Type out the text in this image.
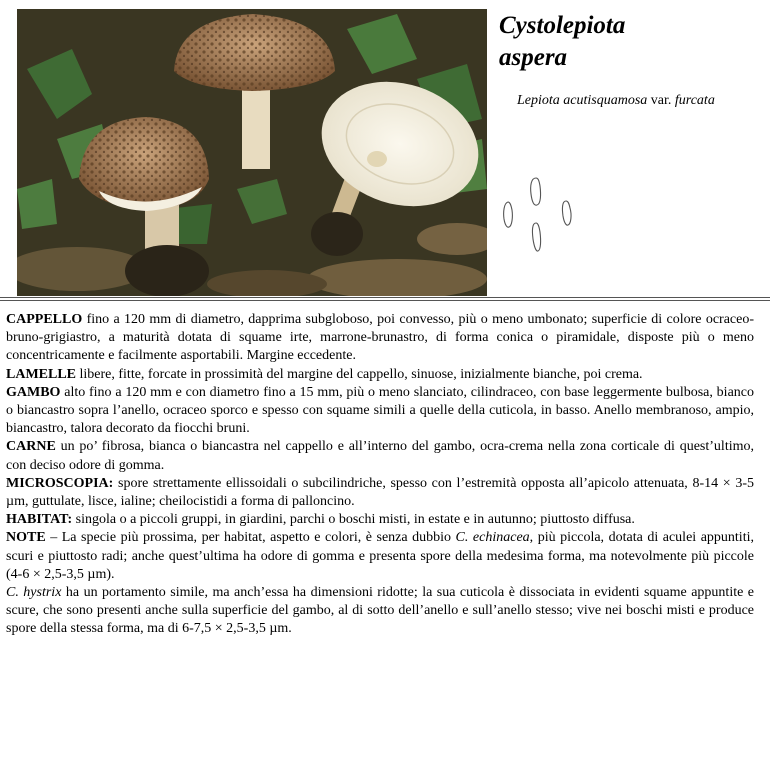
Cystolepiota
aspera
Lepiota acutisquamosa var. furcata

CAPPELLO fino a 120 mm di diametro, dapprima subgloboso, poi convesso, più o meno umbonato; superficie di colore ocraceo-bruno-grigiastro, a maturità dotata di squame irte, marrone-brunastro, di forma conica o piramidale, disposte più o meno concentricamente e facilmente asportabili. Margine eccedente.

LAMELLE libere, fitte, forcate in prossimità del margine del cappello, sinuose, inizialmente bianche, poi crema.

GAMBO alto fino a 120 mm e con diametro fino a 15 mm, più o meno slanciato, cilindraceo, con base leggermente bulbosa, bianco o biancastro sopra l’anello, ocraceo sporco e spesso con squame simili a quelle della cuticola, in basso. Anello membranoso, ampio, biancastro, talora decorato da fiocchi bruni.

CARNE un po’ fibrosa, bianca o biancastra nel cappello e all’interno del gambo, ocra-crema nella zona corticale di quest’ultimo, con deciso odore di gomma.

MICROSCOPIA: spore strettamente ellissoidali o subcilindriche, spesso con l’estremità opposta all’apicolo attenuata, 8-14 × 3-5 µm, guttulate, lisce, ialine; cheilocistidi a forma di palloncino.

HABITAT: singola o a piccoli gruppi, in giardini, parchi o boschi misti, in estate e in autunno; piuttosto diffusa.

NOTE – La specie più prossima, per habitat, aspetto e colori, è senza dubbio C. echinacea, più piccola, dotata di aculei appuntiti, scuri e piuttosto radi; anche quest’ultima ha odore di gomma e presenta spore della medesima forma, ma notevolmente più piccole (4-6 × 2,5-3,5 µm).

C. hystrix ha un portamento simile, ma anch’essa ha dimensioni ridotte; la sua cuticola è dissociata in evidenti squame appuntite e scure, che sono presenti anche sulla superficie del gambo, al di sotto dell’anello e sull’anello stesso; vive nei boschi misti e produce spore della stessa forma, ma di 6-7,5 × 2,5-3,5 µm.
